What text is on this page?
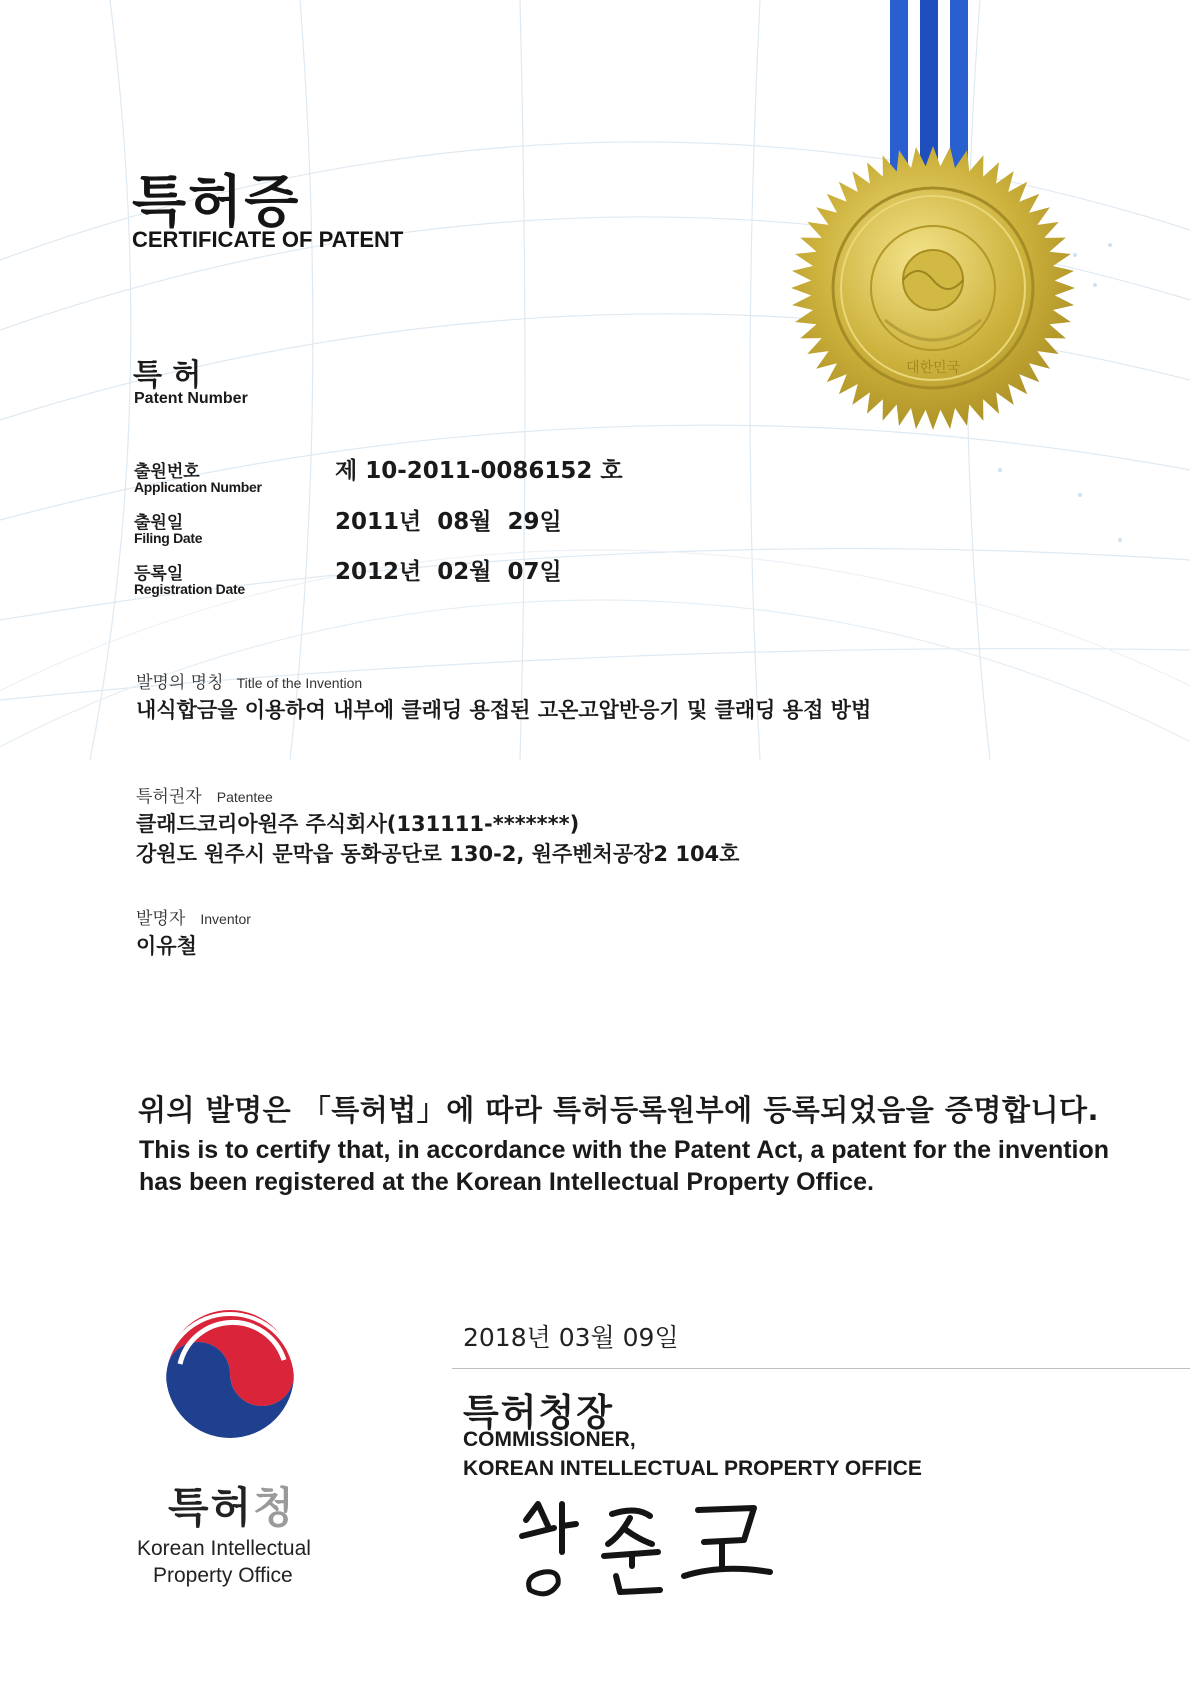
대한민국
특허증
CERTIFICATE OF PATENT
특 허
Patent Number
출원번호
Application Number
제 10-2011-0086152 호
출원일
Filing Date
2011년  08월  29일
등록일
Registration Date
2012년  02월  07일
발명의 명칭 Title of the Invention
내식합금을 이용하여 내부에 클래딩 용접된 고온고압반응기 및 클래딩 용접 방법
특허권자 Patentee
클래드코리아원주 주식회사(131111-*******)
강원도 원주시 문막읍 동화공단로 130-2, 원주벤처공장2 104호
발명자 Inventor
이유철
위의 발명은 「특허법」에 따라 특허등록원부에 등록되었음을 증명합니다.
This is to certify that, in accordance with the Patent Act, a patent for the invention
has been registered at the Korean Intellectual Property Office.
2018년 03월 09일
특허청장
COMMISSIONER,
KOREAN INTELLECTUAL PROPERTY OFFICE
특허청
Korean Intellectual
Property Office
